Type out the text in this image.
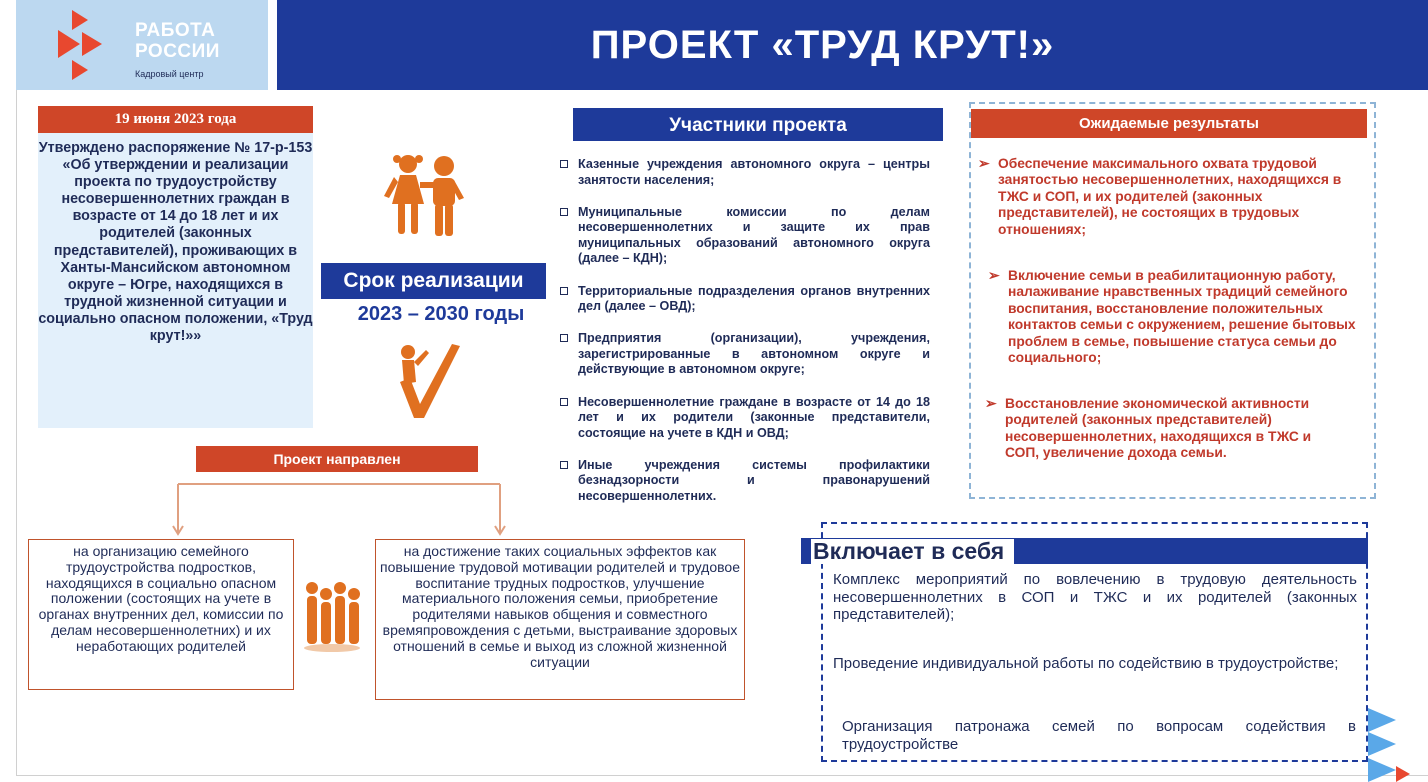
РАБОТА
РОССИИ
Кадровый центр
ПРОЕКТ «ТРУД КРУТ!»
19 июня 2023 года
Утверждено распоряжение № 17-р-153 «Об утверждении и реализации проекта по трудоустройству несовершеннолетних граждан в возрасте от 14 до 18 лет и их родителей (законных представителей), проживающих в Ханты-Мансийском автономном округе – Югре, находящихся в трудной жизненной ситуации и социально опасном положении, «Труд крут!»»
Срок реализации
2023 – 2030 годы
Проект направлен
на организацию семейного трудоустройства подростков, находящихся в социально опасном положении (состоящих на учете в органах внутренних дел, комиссии по делам несовершеннолетних) и их неработающих родителей
на достижение таких социальных эффектов как повышение трудовой мотивации родителей и трудовое воспитание трудных подростков, улучшение материального положения семьи, приобретение родителями навыков общения и совместного времяпровождения с детьми, выстраивание здоровых отношений в семье и выход из сложной жизненной ситуации
Участники проекта
Казенные учреждения автономного округа – центры занятости населения;
Муниципальные комиссии по делам несовершеннолетних и защите их прав муниципальных образований автономного округа (далее – КДН);
Территориальные подразделения органов внутренних дел (далее – ОВД);
Предприятия (организации), учреждения, зарегистрированные в автономном округе и действующие в автономном округе;
Несовершеннолетние граждане в возрасте от 14 до 18 лет и их родители (законные представители, состоящие на учете в КДН и ОВД;
Иные учреждения системы профилактики безнадзорности и правонарушений несовершеннолетних.
Ожидаемые результаты
➢ Обеспечение максимального охвата трудовой занятостью несовершеннолетних, находящихся в ТЖС и СОП, и их родителей (законных представителей), не состоящих в трудовых отношениях;
➢ Включение семьи в реабилитационную работу, налаживание нравственных традиций семейного воспитания, восстановление положительных контактов семьи с окружением, решение бытовых проблем в семье, повышение статуса семьи до социального;
➢ Восстановление экономической активности родителей (законных представителей) несовершеннолетних, находящихся в ТЖС и СОП, увеличение дохода семьи.
Включает в себя
Комплекс мероприятий по вовлечению в трудовую деятельность несовершеннолетних в СОП и ТЖС и их родителей (законных представителей);
Проведение индивидуальной работы по содействию в трудоустройстве;
Организация патронажа семей по вопросам содействия в трудоустройстве
